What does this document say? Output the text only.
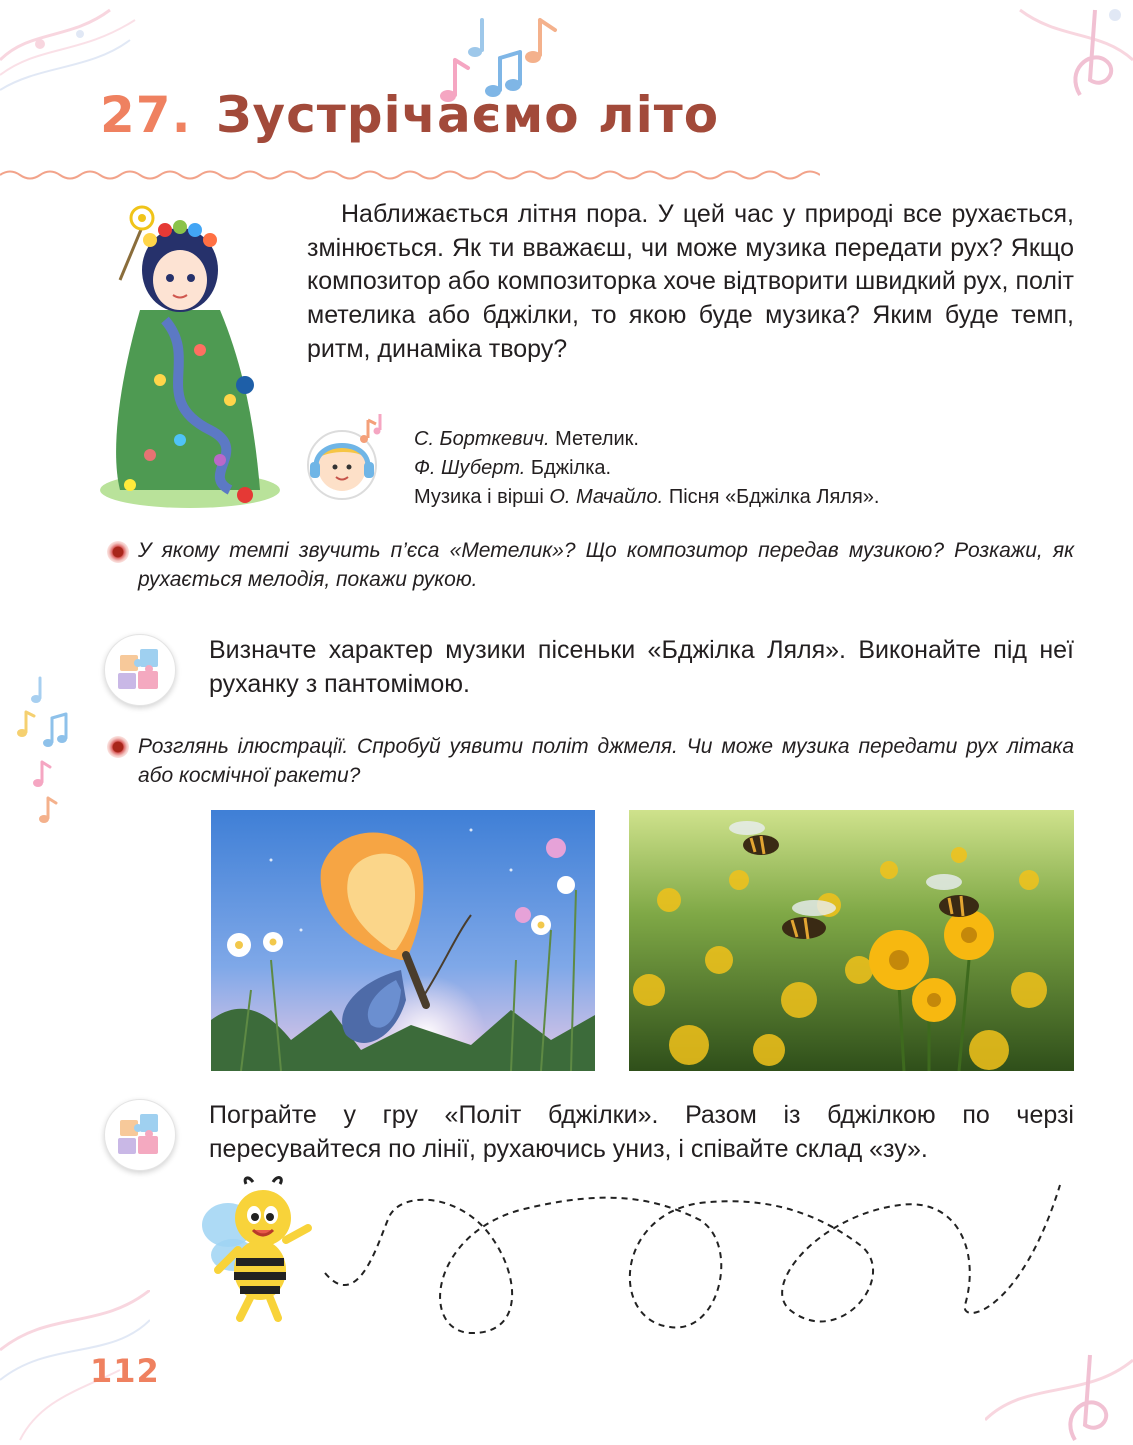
27. Зустрічаємо літо
Наближається літня пора. У цей час у природі все рухається, змінюється. Як ти вважаєш, чи може музика передати рух? Якщо композитор або композиторка хоче відтворити швидкий рух, політ метелика або бджілки, то якою буде музика? Яким буде темп, ритм, динаміка твору?
С. Борткевич. Метелик.
Ф. Шуберт. Бджілка.
Музика і вірші О. Мачайло. Пісня «Бджілка Ляля».
У якому темпі звучить п’єса «Метелик»? Що композитор передав музикою? Розкажи, як рухається мелодія, покажи рукою.
Визначте характер музики пісеньки «Бджілка Ляля». Виконайте під неї руханку з пантомімою.
Розглянь ілюстрації. Спробуй уявити політ джмеля. Чи може музика передати рух літака або космічної ракети?
Пограйте у гру «Політ бджілки». Разом із бджілкою по черзі пересувайтеся по лінії, рухаючись униз, і співайте склад «зу».
112
